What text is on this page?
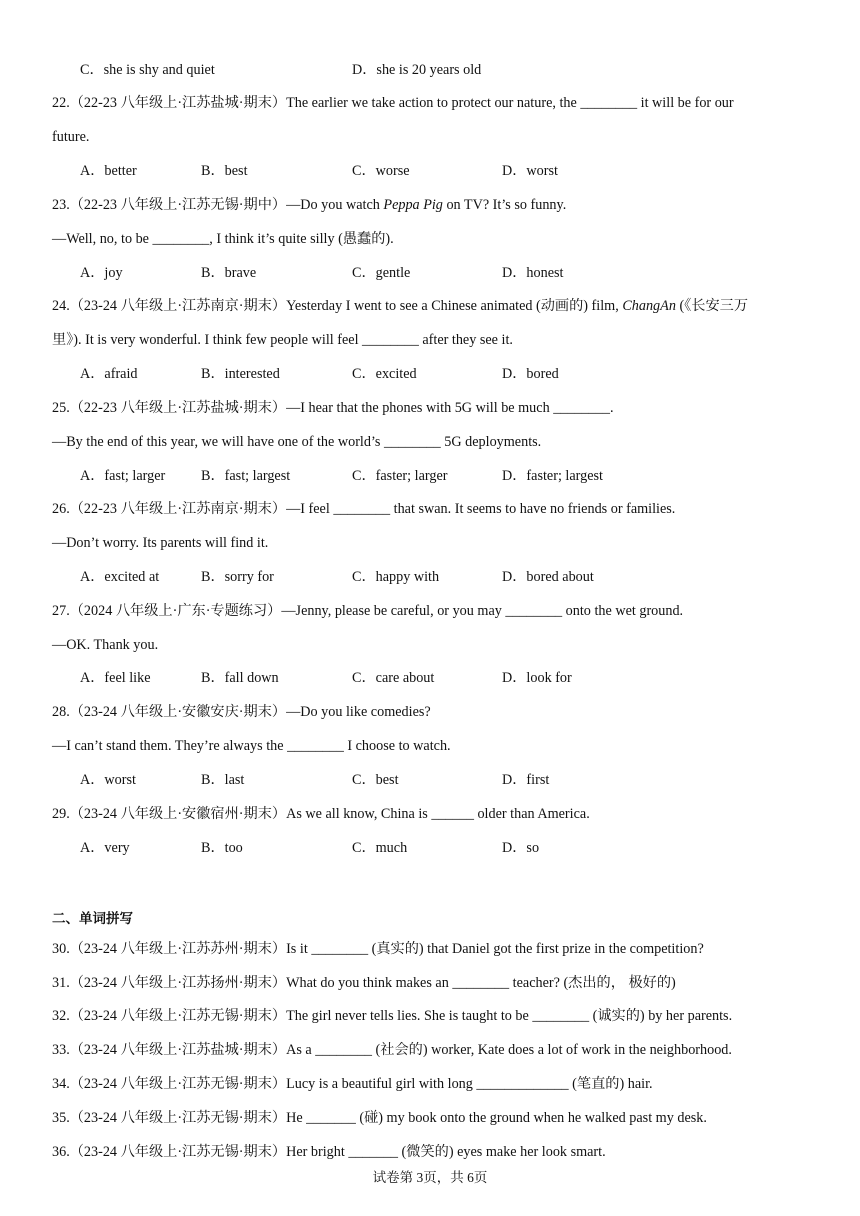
C．she is shy and quiet	D．she is 20 years old
22.（22-23 八年级上·江苏盐城·期末）The earlier we take action to protect our nature, the ________ it will be for our
future.
A．better	B．best	C．worse	D．worst
23.（22-23 八年级上·江苏无锡·期中）—Do you watch Peppa Pig on TV? It’s so funny.
—Well, no, to be ________, I think it’s quite silly (愚蠢的).
A．joy	B．brave	C．gentle	D．honest
24.（23-24 八年级上·江苏南京·期末）Yesterday I went to see a Chinese animated (动画的) film, ChangAn (《长安三万
里》). It is very wonderful. I think few people will feel ________ after they see it.
A．afraid	B．interested	C．excited	D．bored
25.（22-23 八年级上·江苏盐城·期末）—I hear that the phones with 5G will be much ________.
—By the end of this year, we will have one of the world’s ________ 5G deployments.
A．fast; larger	B．fast; largest	C．faster; larger	D．faster; largest
26.（22-23 八年级上·江苏南京·期末）—I feel ________ that swan. It seems to have no friends or families.
—Don’t worry. Its parents will find it.
A．excited at	B．sorry for	C．happy with	D．bored about
27.（2024 八年级上·广东·专题练习）—Jenny, please be careful, or you may ________ onto the wet ground.
—OK. Thank you.
A．feel like	B．fall down	C．care about	D．look for
28.（23-24 八年级上·安徽安庆·期末）—Do you like comedies?
—I can’t stand them. They’re always the ________ I choose to watch.
A．worst	B．last	C．best	D．first
29.（23-24 八年级上·安徽宿州·期末）As we all know, China is ______ older than America.
A．very	B．too	C．much	D．so
二、单词拼写
30.（23-24 八年级上·江苏苏州·期末）Is it ________ (真实的) that Daniel got the first prize in the competition?
31.（23-24 八年级上·江苏扬州·期末）What do you think makes an ________ teacher? (杰出的， 极好的)
32.（23-24 八年级上·江苏无锡·期末）The girl never tells lies. She is taught to be ________ (诚实的) by her parents.
33.（23-24 八年级上·江苏盐城·期末）As a ________ (社会的) worker, Kate does a lot of work in the neighborhood.
34.（23-24 八年级上·江苏无锡·期末）Lucy is a beautiful girl with long _____________ (笔直的) hair.
35.（23-24 八年级上·江苏无锡·期末）He _______ (碰) my book onto the ground when he walked past my desk.
36.（23-24 八年级上·江苏无锡·期末）Her bright _______ (微笑的) eyes make her look smart.
试卷第 3页，共 6页
